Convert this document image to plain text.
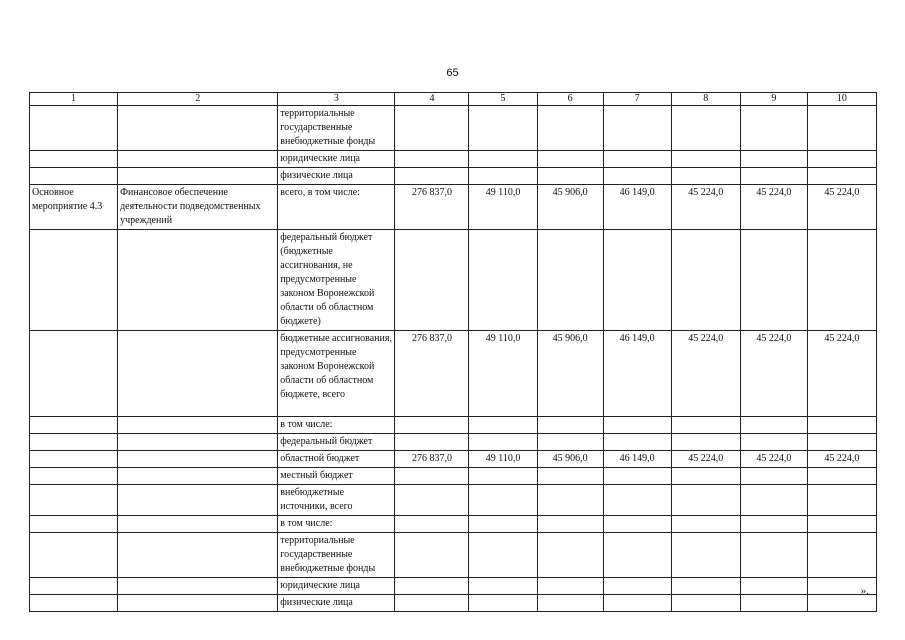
65
1	2	3	4	5	6	7	8	9	10
		территориальные государственные внебюджетные фонды							
		юридические лица							
		физические лица							
Основное мероприятие 4.3	Финансовое обеспечение деятельности подведомственных учреждений	всего, в том числе:	276 837,0	49 110,0	45 906,0	46 149,0	45 224,0	45 224,0	45 224,0
		федеральный бюджет (бюджетные ассигнования, не предусмотренные законом Воронежской области об областном бюджете)							
		бюджетные ассигнования, предусмотренные законом Воронежской области об областном бюджете, всего	276 837,0	49 110,0	45 906,0	46 149,0	45 224,0	45 224,0	45 224,0
		в том числе:							
		федеральный бюджет							
		областной бюджет	276 837,0	49 110,0	45 906,0	46 149,0	45 224,0	45 224,0	45 224,0
		местный бюджет							
		внебюджетные источники, всего							
		в том числе:							
		территориальные государственные внебюджетные фонды							
		юридические лица							
		физические лица							
».
